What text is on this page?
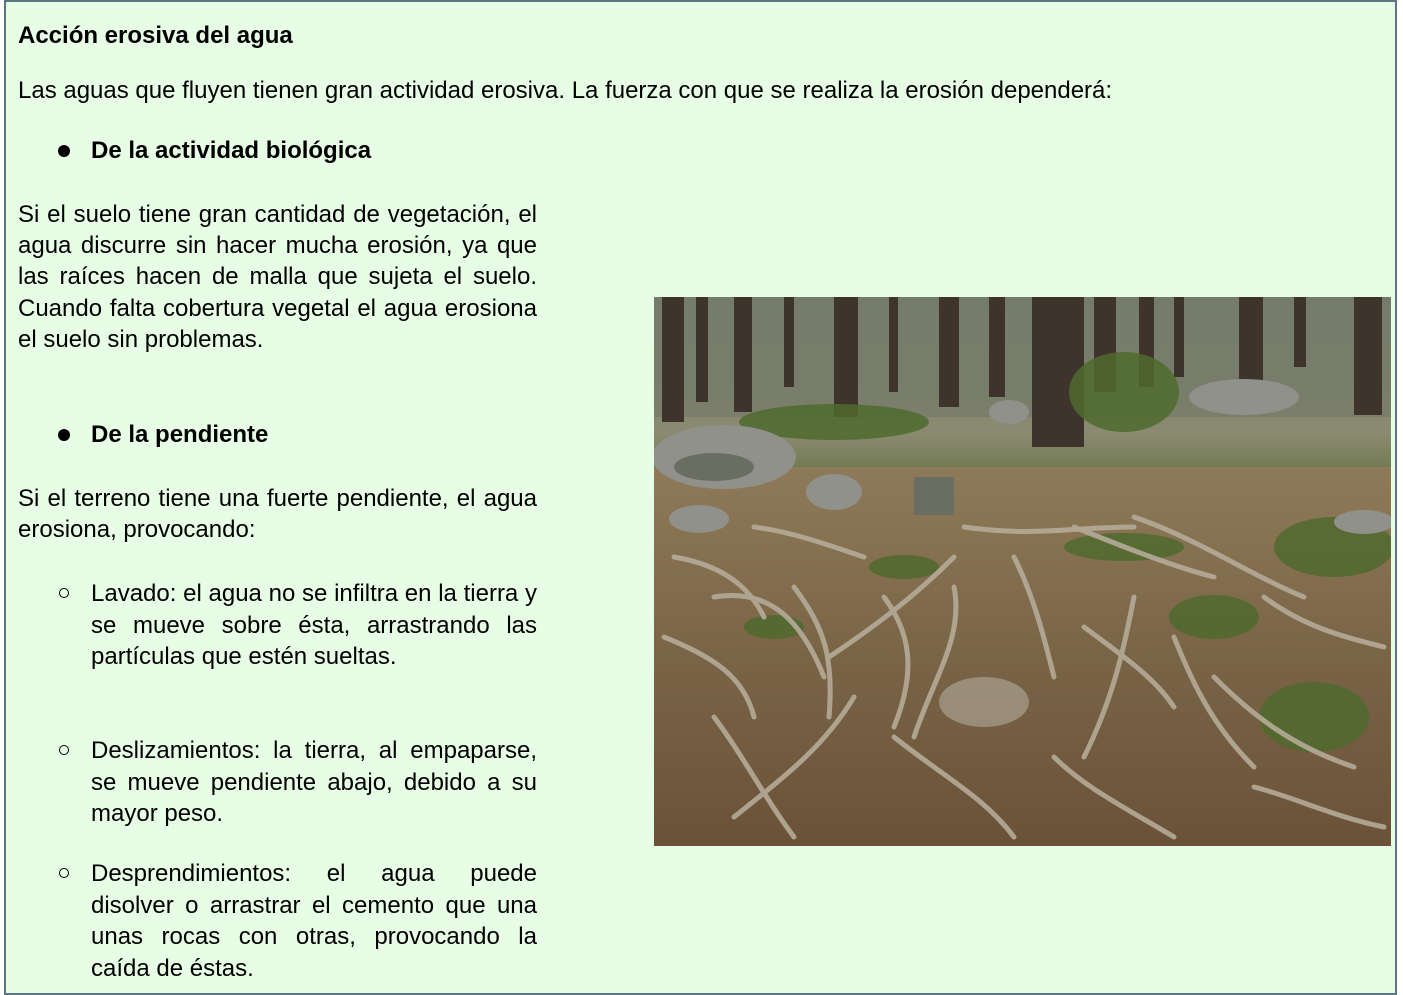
Acción erosiva del agua

Las aguas que fluyen tienen gran actividad erosiva. La fuerza con que se realiza la erosión dependerá:

De la actividad biológica

Si el suelo tiene gran cantidad de vegetación, el agua discurre sin hacer mucha erosión, ya que las raíces hacen de malla que sujeta el suelo. Cuando falta cobertura vegetal el agua erosiona el suelo sin problemas.

De la pendiente

Si el terreno tiene una fuerte pendiente, el agua erosiona, provocando:

Lavado: el agua no se infiltra en la tierra y se mueve sobre ésta, arrastrando las partículas que estén sueltas.

Deslizamientos: la tierra, al empaparse, se mueve pendiente abajo, debido a su mayor peso.

Desprendimientos: el agua puede disolver o arrastrar el cemento que una unas rocas con otras, provocando la caída de éstas.
